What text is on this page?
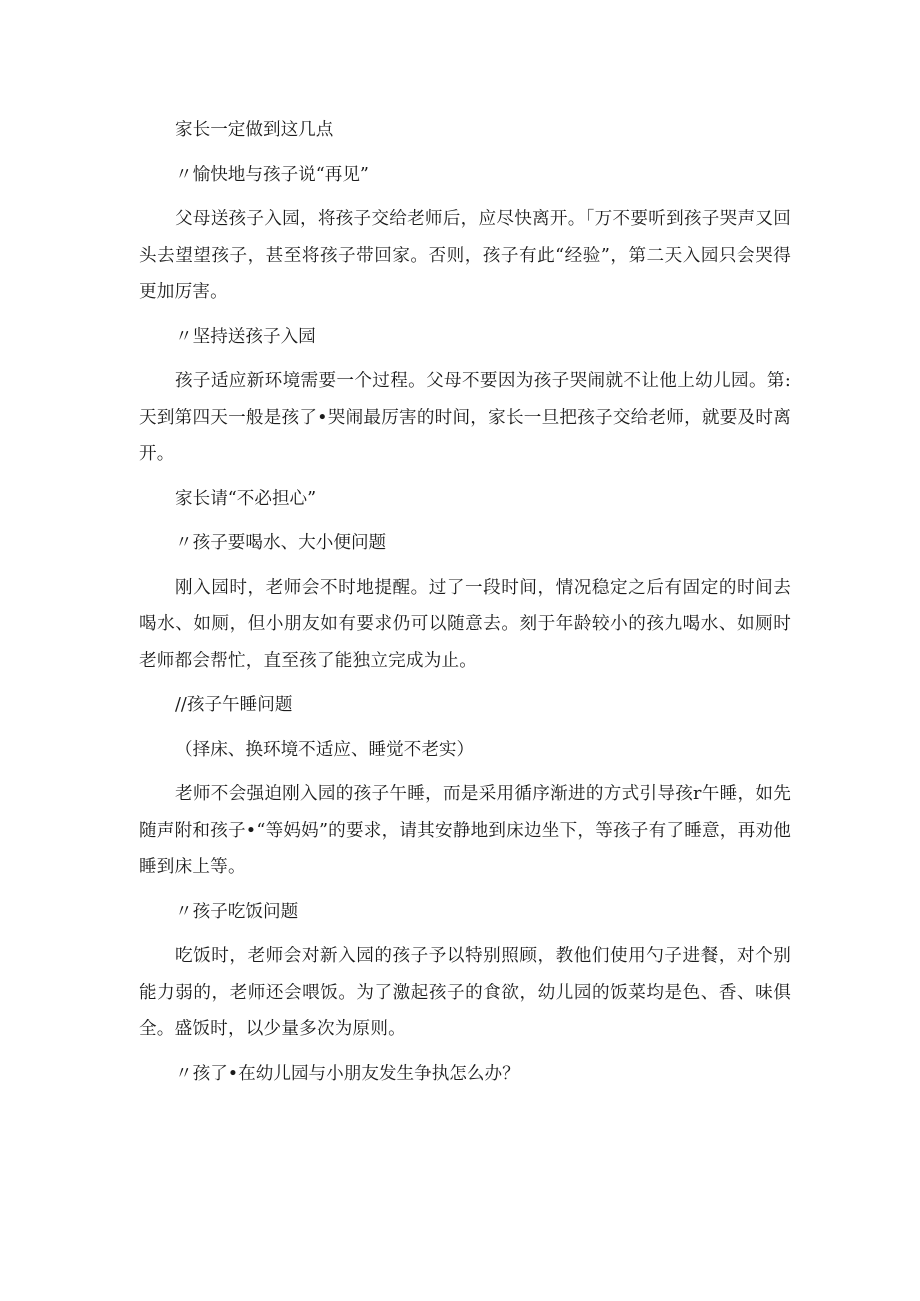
家长一定做到这几点
〃愉快地与孩子说“再见”
父母送孩子入园，将孩子交给老师后，应尽快离开。「万不要听到孩子哭声又回头去望望孩子，甚至将孩子带回家。否则，孩子有此“经验”，第二天入园只会哭得更加厉害。
〃坚持送孩子入园
孩子适应新环境需要一个过程。父母不要因为孩子哭闹就不让他上幼儿园。第:天到第四天一般是孩了•哭闹最厉害的时间，家长一旦把孩子交给老师，就要及时离开。
家长请“不必担心”
〃孩子要喝水、大小便问题
刚入园时，老师会不时地提醒。过了一段时间，情况稳定之后有固定的时间去喝水、如厕，但小朋友如有要求仍可以随意去。刻于年龄较小的孩九喝水、如厕时老师都会帮忙，直至孩了能独立完成为止。
//孩子午睡问题
（择床、换环境不适应、睡觉不老实）
老师不会强迫刚入园的孩子午睡，而是采用循序渐进的方式引导孩r午睡，如先随声附和孩子•“等妈妈”的要求，请其安静地到床边坐下，等孩子有了睡意，再劝他睡到床上等。
〃孩子吃饭问题
吃饭时，老师会对新入园的孩子予以特别照顾，教他们使用勺子进餐，对个别能力弱的，老师还会喂饭。为了激起孩子的食欲，幼儿园的饭菜均是色、香、味俱全。盛饭时，以少量多次为原则。
〃孩了•在幼儿园与小朋友发生争执怎么办？
